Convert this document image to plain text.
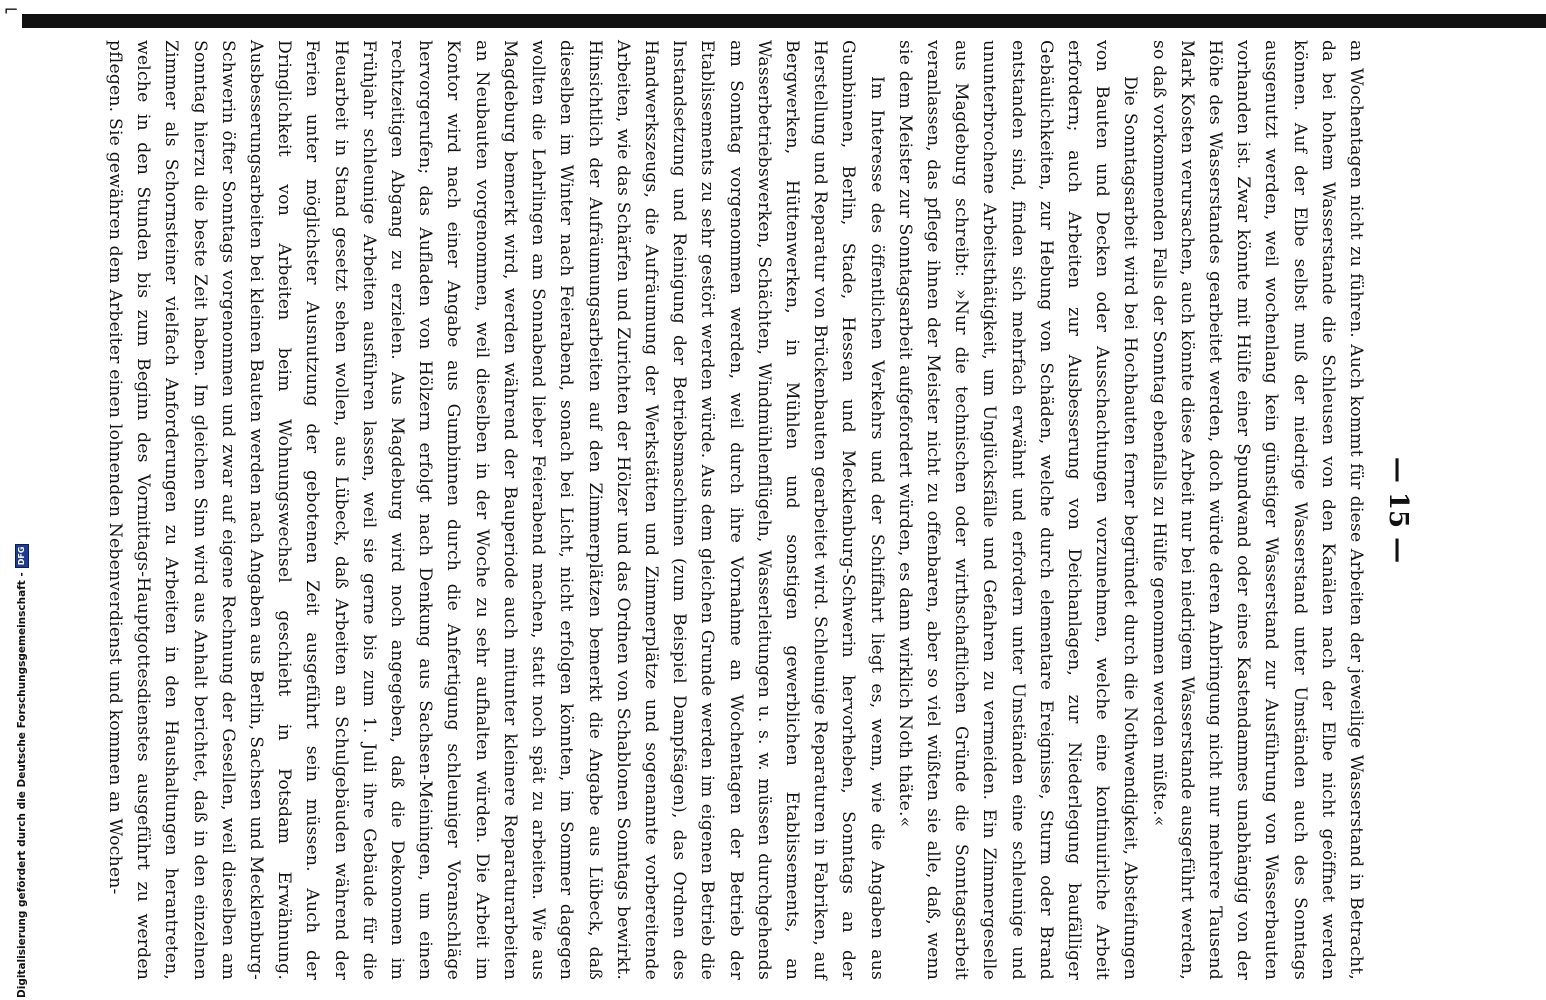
⌐
Digitalisierung gefördert durch die Deutsche Forschungsgemeinschaft -
DFG	— 15 —

an Wochentagen nicht zu führen. Auch kommt für diese Arbeiten der jeweilige Wasserstand in Betracht, da bei hohem Wasserstande die Schleusen von den Kanälen nach der Elbe nicht geöffnet werden können. Auf der Elbe selbst muß der niedrige Wasserstand unter Umständen auch des Sonntags ausgenutzt werden, weil wochenlang kein günstiger Wasserstand zur Ausführung von Wasserbauten vorhanden ist. Zwar könnte mit Hülfe einer Spundwand oder eines Kastendammes unabhängig von der Höhe des Wasserstandes gearbeitet werden, doch würde deren Anbringung nicht nur mehrere Tausend Mark Kosten verursachen, auch könnte diese Arbeit nur bei niedrigem Wasserstande ausgeführt werden, so daß vorkommenden Falls der Sonntag ebenfalls zu Hülfe genommen werden müßte.«

Die Sonntagsarbeit wird bei Hochbauten ferner begründet durch die Nothwendigkeit, Absteifungen von Bauten und Decken oder Ausschachtungen vorzunehmen, welche eine kontinuirliche Arbeit erfordern; auch Arbeiten zur Ausbesserung von Deichanlagen, zur Niederlegung baufälliger Gebäulichkeiten, zur Hebung von Schäden, welche durch elementare Ereignisse, Sturm oder Brand entstanden sind, finden sich mehrfach erwähnt und erfordern unter Umständen eine schleunige und ununterbrochene Arbeitsthätigkeit, um Unglücksfälle und Gefahren zu vermeiden. Ein Zimmergeselle aus Magdeburg schreibt: »Nur die technischen oder wirthschaftlichen Gründe die Sonntagsarbeit veranlassen, das pflege ihnen der Meister nicht zu offenbaren, aber so viel wüßten sie alle, daß, wenn sie dem Meister zur Sonntagsarbeit aufgefordert würden, es dann wirklich Noth thäte.«

Im Interesse des öffentlichen Verkehrs und der Schiffahrt liegt es, wenn, wie die Angaben aus Gumbinnen, Berlin, Stade, Hessen und Mecklenburg-Schwerin hervorheben, Sonntags an der Herstellung und Reparatur von Brückenbauten gearbeitet wird. Schleunige Reparaturen in Fabriken, auf Bergwerken, Hüttenwerken, in Mühlen und sonstigen gewerblichen Etablissements, an Wasserbetriebswerken, Schächten, Windmühlenflügeln, Wasserleitungen u. s. w. müssen durchgehends am Sonntag vorgenommen werden, weil durch ihre Vornahme an Wochentagen der Betrieb der Etablissements zu sehr gestört werden würde. Aus dem gleichen Grunde werden im eigenen Betrieb die Instandsetzung und Reinigung der Betriebsmaschinen (zum Beispiel Dampfsägen), das Ordnen des Handwerkszeugs, die Aufräumung der Werkstätten und Zimmerplätze und sogenannte vorbereitende Arbeiten, wie das Schärfen und Zurichten der Hölzer und das Ordnen von Schablonen Sonntags bewirkt. Hinsichtlich der Aufräumungsarbeiten auf den Zimmerplätzen bemerkt die Angabe aus Lübeck, daß dieselben im Winter nach Feierabend, sonach bei Licht, nicht erfolgen könnten, im Sommer dagegen wollten die Lehrlingen am Sonnabend lieber Feierabend machen, statt noch spät zu arbeiten. Wie aus Magdeburg bemerkt wird, werden während der Bauperiode auch mitunter kleinere Reparaturarbeiten an Neubauten vorgenommen, weil dieselben in der Woche zu sehr aufhalten würden. Die Arbeit im Kontor wird nach einer Angabe aus Gumbinnen durch die Anfertigung schleuniger Voranschläge hervorgerufen; das Aufladen von Hölzern erfolgt nach Denkung aus Sachsen-Meiningen, um einen rechtzeitigen Abgang zu erzielen. Aus Magdeburg wird noch angegeben, daß die Dekonomen im Frühjahr schleunige Arbeiten ausführen lassen, weil sie gerne bis zum 1. Juli ihre Gebäude für die Heuarbeit in Stand gesetzt sehen wollen, aus Lübeck, daß Arbeiten an Schulgebäuden während der Ferien unter möglichster Ausnutzung der gebotenen Zeit ausgeführt sein müssen. Auch der Dringlichkeit von Arbeiten beim Wohnungswechsel geschieht in Potsdam Erwähnung. Ausbesserungsarbeiten bei kleinen Bauten werden nach Angaben aus Berlin, Sachsen und Mecklenburg-Schwerin öfter Sonntags vorgenommen und zwar auf eigene Rechnung der Gesellen, weil dieselben am Sonntag hierzu die beste Zeit haben. Im gleichen Sinn wird aus Anhalt berichtet, daß in den einzelnen Zimmer als Schornsteiner vielfach Anforderungen zu Arbeiten in den Haushaltungen herantreten, welche in den Stunden bis zum Beginn des Vormittags-Hauptgottesdienstes ausgeführt zu werden pflegen. Sie gewähren dem Arbeiter einen lohnenden Nebenverdienst und kommen an Wochen-
